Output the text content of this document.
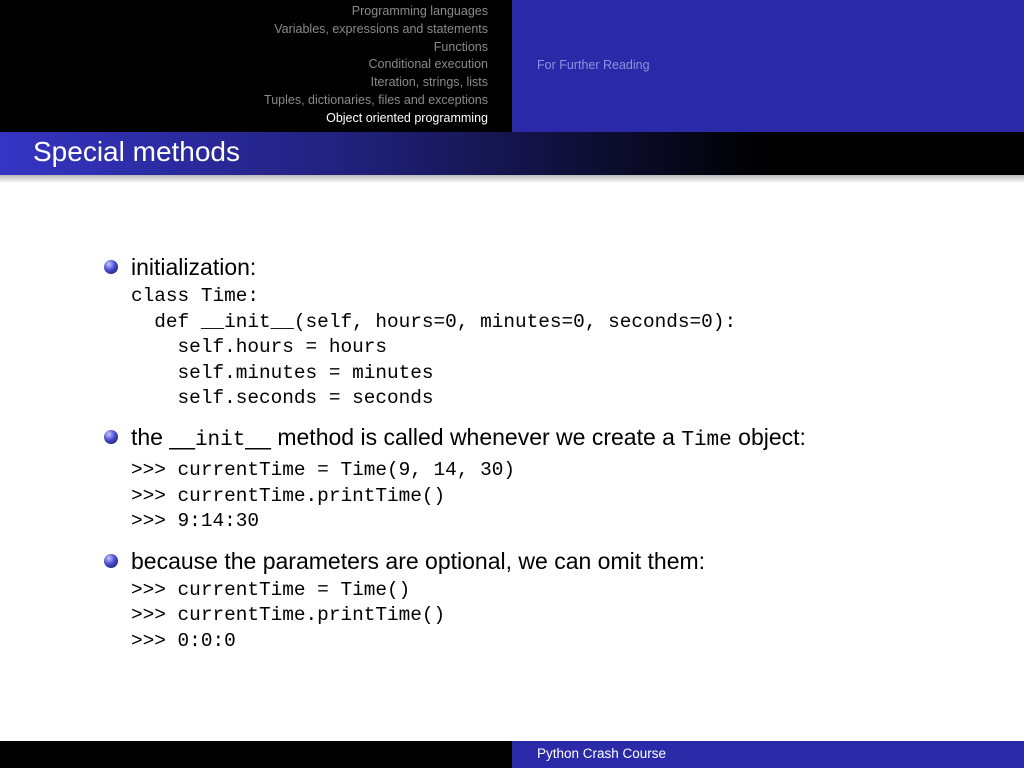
Programming languages
Variables, expressions and statements
Functions
Conditional execution
Iteration, strings, lists
Tuples, dictionaries, files and exceptions
Object oriented programming
For Further Reading
Special methods
initialization:
class Time:
def __init__(self, hours=0, minutes=0, seconds=0):
self.hours = hours
self.minutes = minutes
self.seconds = seconds
the __init__ method is called whenever we create a Time object:
>>> currentTime = Time(9, 14, 30)
>>> currentTime.printTime()
>>> 9:14:30
because the parameters are optional, we can omit them:
>>> currentTime = Time()
>>> currentTime.printTime()
>>> 0:0:0
Python Crash Course
